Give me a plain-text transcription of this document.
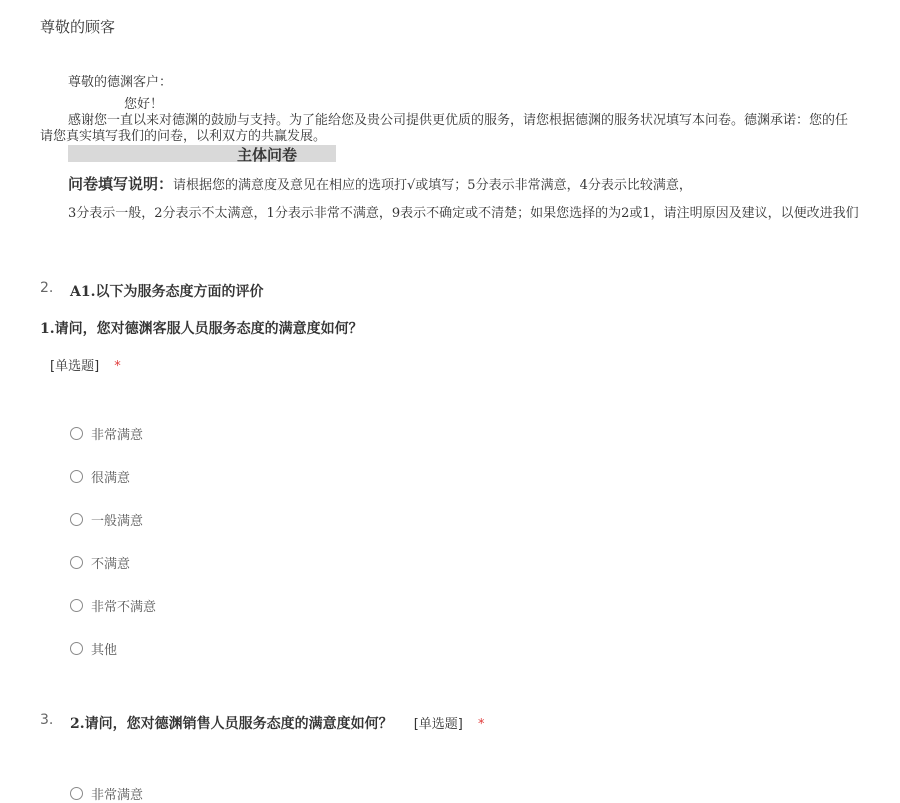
尊敬的顾客
尊敬的德渊客户：
您好！
感谢您一直以来对德渊的鼓励与支持。为了能给您及贵公司提供更优质的服务，请您根据德渊的服务状况填写本问卷。德渊承诺：您的任
请您真实填写我们的问卷，以利双方的共赢发展。
主体问卷
问卷填写说明：请根据您的满意度及意见在相应的选项打√或填写；5分表示非常满意，4分表示比较满意，
3分表示一般，2分表示不太满意，1分表示非常不满意，9表示不确定或不清楚；如果您选择的为2或1，请注明原因及建议，以便改进我们
2. A1.以下为服务态度方面的评价
1.请问，您对德渊客服人员服务态度的满意度如何？
[单选题] *
非常满意
很满意
一般满意
不满意
非常不满意
其他
3. 2.请问，您对德渊销售人员服务态度的满意度如何？ [单选题] *
非常满意
